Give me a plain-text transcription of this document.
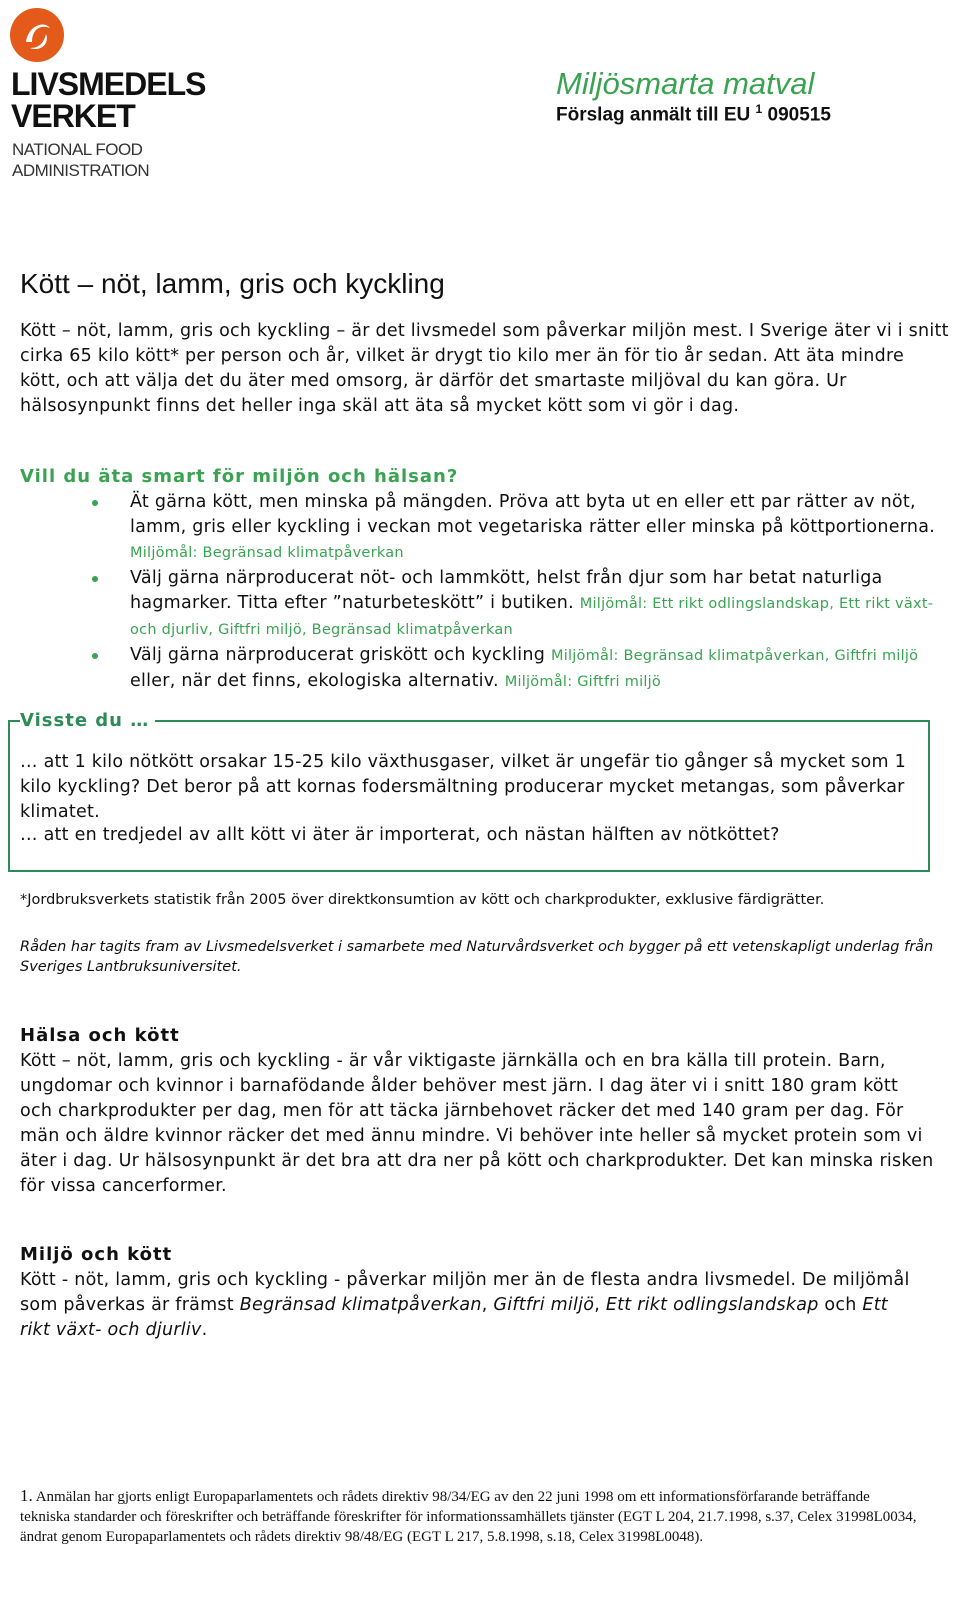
LIVSMEDELS
VERKET
NATIONAL FOOD
ADMINISTRATION
Miljösmarta matval
Förslag anmält till EU $^1$ 090515
Kött – nöt, lamm, gris och kyckling
Kött – nöt, lamm, gris och kyckling – är det livsmedel som påverkar miljön mest. I Sverige äter vi i snitt cirka 65 kilo kött* per person och år, vilket är drygt tio kilo mer än för tio år sedan. Att äta mindre kött, och att välja det du äter med omsorg, är därför det smartaste miljöval du kan göra. Ur hälsosynpunkt finns det heller inga skäl att äta så mycket kött som vi gör i dag.
Vill du äta smart för miljön och hälsan?
Ät gärna kött, men minska på mängden. Pröva att byta ut en eller ett par rätter av nöt, lamm, gris eller kyckling i veckan mot vegetariska rätter eller minska på köttportionerna. Miljömål: Begränsad klimatpåverkan
Välj gärna närproducerat nöt- och lammkött, helst från djur som har betat naturliga hagmarker. Titta efter ”naturbeteskött” i butiken. Miljömål: Ett rikt odlingslandskap, Ett rikt växt- och djurliv, Giftfri miljö, Begränsad klimatpåverkan
Välj gärna närproducerat griskött och kyckling Miljömål: Begränsad klimatpåverkan, Giftfri miljö eller, när det finns, ekologiska alternativ. Miljömål: Giftfri miljö
Visste du …
… att 1 kilo nötkött orsakar 15-25 kilo växthusgaser, vilket är ungefär tio gånger så mycket som 1 kilo kyckling? Det beror på att kornas fodersmältning producerar mycket metangas, som påverkar klimatet.
… att en tredjedel av allt kött vi äter är importerat, och nästan hälften av nötköttet?
*Jordbruksverkets statistik från 2005 över direktkonsumtion av kött och charkprodukter, exklusive färdigrätter.
Råden har tagits fram av Livsmedelsverket i samarbete med Naturvårdsverket och bygger på ett vetenskapligt underlag från Sveriges Lantbruksuniversitet.
Hälsa och kött
Kött – nöt, lamm, gris och kyckling - är vår viktigaste järnkälla och en bra källa till protein. Barn, ungdomar och kvinnor i barnafödande ålder behöver mest järn. I dag äter vi i snitt 180 gram kött och charkprodukter per dag, men för att täcka järnbehovet räcker det med 140 gram per dag. För män och äldre kvinnor räcker det med ännu mindre. Vi behöver inte heller så mycket protein som vi äter i dag. Ur hälsosynpunkt är det bra att dra ner på kött och charkprodukter. Det kan minska risken för vissa cancerformer.
Miljö och kött
Kött - nöt, lamm, gris och kyckling - påverkar miljön mer än de flesta andra livsmedel. De miljömål som påverkas är främst Begränsad klimatpåverkan, Giftfri miljö, Ett rikt odlingslandskap och Ett rikt växt- och djurliv.
1. Anmälan har gjorts enligt Europaparlamentets och rådets direktiv 98/34/EG av den 22 juni 1998 om ett informationsförfarande beträffande tekniska standarder och föreskrifter och beträffande föreskrifter för informationssamhällets tjänster (EGT L 204, 21.7.1998, s.37, Celex 31998L0034, ändrat genom Europaparlamentets och rådets direktiv 98/48/EG (EGT L 217, 5.8.1998, s.18, Celex 31998L0048).
